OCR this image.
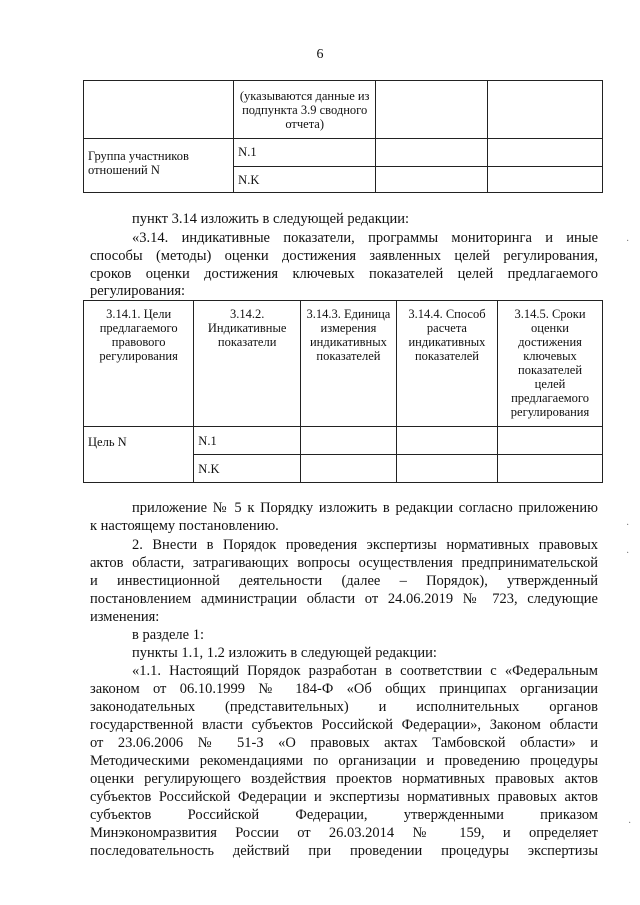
6
	(указываются данные из подпункта 3.9 сводного отчета)		
Группа участников отношений N	N.1		
	N.K		
пункт 3.14 изложить в следующей редакции:
«3.14. индикативные показатели, программы мониторинга и иные
способы (методы) оценки достижения заявленных целей регулирования,
сроков оценки достижения ключевых показателей целей предлагаемого
регулирования:
3.14.1. Цели предлагаемого правового регулирования	3.14.2. Индикативные показатели	3.14.3. Единица измерения индикативных показателей	3.14.4. Способ расчета индикативных показателей	3.14.5. Сроки оценки достижения ключевых показателей целей предлагаемого регулирования
Цель N	N.1			
	N.K			
приложение № 5 к Порядку изложить в редакции согласно приложению
к настоящему постановлению.
2. Внести в Порядок проведения экспертизы нормативных правовых
актов области, затрагивающих вопросы осуществления предпринимательской
и инвестиционной деятельности (далее – Порядок), утвержденный
постановлением администрации области от 24.06.2019 № 723, следующие
изменения:
в разделе 1:
пункты 1.1, 1.2 изложить в следующей редакции:
«1.1. Настоящий Порядок разработан в соответствии с «Федеральным
законом от 06.10.1999 № 184-Ф «Об общих принципах организации
законодательных (представительных) и исполнительных органов
государственной власти субъектов Российской Федерации», Законом области
от 23.06.2006 № 51-З «О правовых актах Тамбовской области» и
Методическими рекомендациями по организации и проведению процедуры
оценки регулирующего воздействия проектов нормативных правовых актов
субъектов Российской Федерации и экспертизы нормативных правовых актов
субъектов Российской Федерации, утвержденными приказом
Минэкономразвития России от 26.03.2014 № 159, и определяет
последовательность действий при проведении процедуры экспертизы
·
·
·
·
